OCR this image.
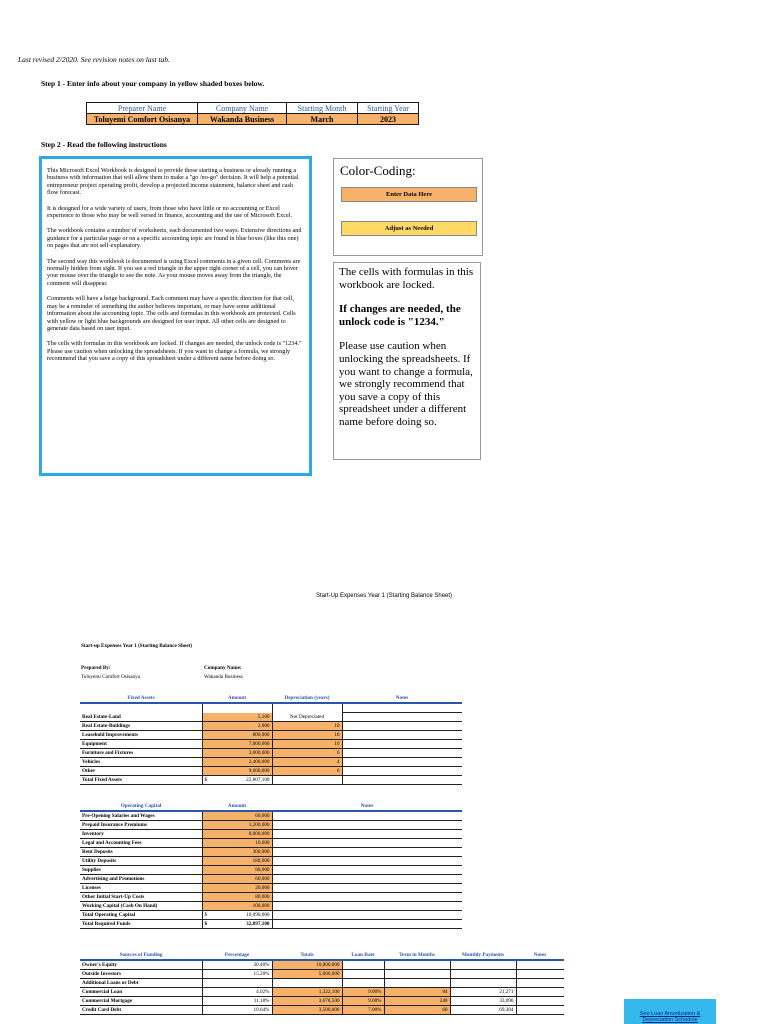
Last revised 2/2020. See revision notes on last tab.
Step 1 - Enter info about your company in yellow shaded boxes below.
Preparer Name	Company Name	Starting Month	Starting Year
Toluyemi Comfort Osisanya	Wakanda Business	March	2023
Step 2 - Read the following instructions

This Microsoft Excel Workbook is designed to provide those starting a business or already running a business with information that will allow them to make a "go /no-go" decision. It will help a potential entrepreneur project operating profit, develop a projected income statement, balance sheet and cash flow forecast.

It is designed for a wide variety of users, from those who have little or no accounting or Excel experience to those who may be well versed in finance, accounting and the use of Microsoft Excel.

The workbook contains a number of worksheets, each documented two ways. Extensive directions and guidance for a particular page or on a specific accounting topic are found in blue boxes (like this one) on pages that are not self-explanatory.

The second way this workbook is documented is using Excel comments in a given cell. Comments are normally hidden from sight. If you see a red triangle in the upper right corner of a cell, you can hover your mouse over the triangle to see the note. As your mouse moves away from the triangle, the comment will disappear.

Comments will have a beige background. Each comment may have a specific direction for that cell, may be a reminder of something the author believes important, or may have some additional information about the accounting topic. The cells and formulas in this workbook are protected. Cells with yellow or light blue backgrounds are designed for user input. All other cells are designed to generate data based on user input.

The cells with formulas in this workbook are locked. If changes are needed, the unlock code is "1234." Please use caution when unlocking the spreadsheets. If you want to change a formula, we strongly recommend that you save a copy of this spreadsheet under a different name before doing so.

Color-Coding:
Enter Data Here
Adjust as Needed

The cells with formulas in this workbook are locked.

If changes are needed, the unlock code is "1234."

Please use caution when unlocking the spreadsheets. If you want to change a formula, we strongly recommend that you save a copy of this spreadsheet under a different name before doing so.

Start-Up Expenses Year 1 (Starting Balance Sheet)
Start-up Expenses Year 1 (Starting Balance Sheet)
Prepared By:
Toluyemi Comfort Osisanya
Company Name:
Wakanda Business
Fixed Assets	Amount	Depreciation (years)	Notes

Real Estate-Land	5,100	Not Depreciated	
Real Estate-Buildings	2,000	10	
Leasehold Improvements	800,000	10	
Equipment	7,000,000	10	
Furniture and Fixtures	3,000,000	6	
Vehicles	2,400,000	4	
Other	9,600,000	6	
Total Fixed Assets	$ 22,807,100		

Operating Capital	Amount	Notes
Pre-Opening Salaries and Wages	60,000	
Prepaid Insurance Premiums	1,200,000	
Inventory	8,000,000	
Legal and Accounting Fees	10,000	
Rent Deposits	300,000	
Utility Deposits	180,000	
Supplies	80,000	
Advertising and Promotions	60,000	
Licenses	20,000	
Other Initial Start-Up Costs	80,000	
Working Capital (Cash On Hand)	100,000	
Total Operating Capital	$ 10,090,000	

Total Required Funds	$ 32,897,100	

Sources of Funding	Percentage	Totals	Loan Rate	Term in Months	Monthly Payments	Notes
Owner's Equity	30.40%	10,000,000				
Outside Investors	15.20%	5,000,000				
Additional Loans or Debt						
Commercial Loan	4.02%	1,322,100	9.00%	84	21,271	
Commercial Mortgage	11.18%	3,678,500	9.00%	240	33,096	
Credit Card Debt	10.64%	3,500,000	7.00%	60	69,304	
See Loan Amortization & Depreciation Schedule
